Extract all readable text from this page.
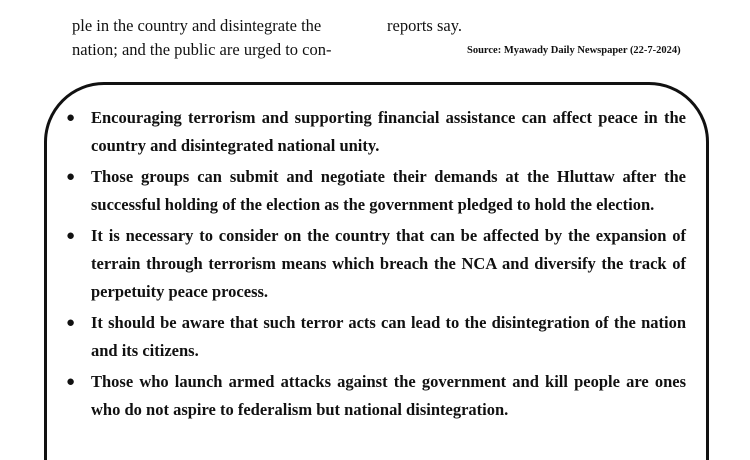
ple in the country and disintegrate the
nation; and the public are urged to con-
reports say.
Source: Myawady Daily Newspaper (22-7-2024)
● Encouraging terrorism and supporting financial assistance can affect peace in the country and disintegrated national unity.
● Those groups can submit and negotiate their demands at the Hluttaw after the successful holding of the election as the government pledged to hold the election.
● It is necessary to consider on the country that can be affected by the expansion of terrain through terrorism means which breach the NCA and diversify the track of perpetuity peace process.
● It should be aware that such terror acts can lead to the disintegration of the nation and its citizens.
● Those who launch armed attacks against the government and kill people are ones who do not aspire to federalism but national disintegration.
